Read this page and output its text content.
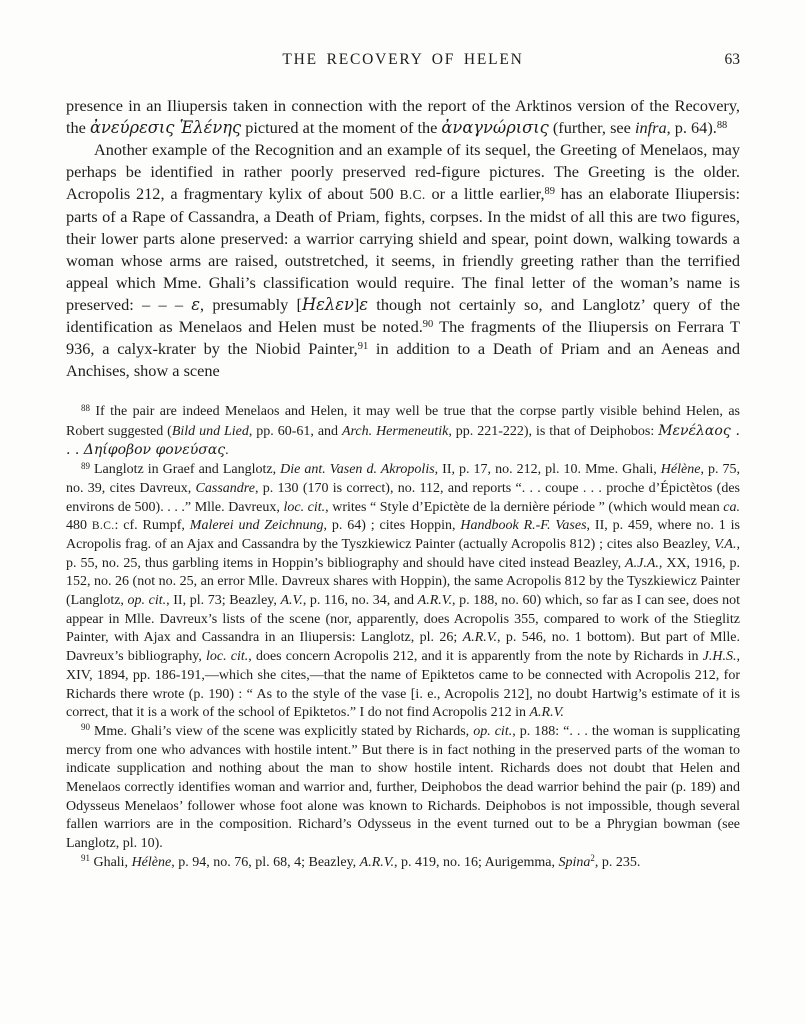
THE RECOVERY OF HELEN	63

presence in an Iliupersis taken in connection with the report of the Arktinos version of the Recovery, the ἀνεύρεσις Ἑλένης pictured at the moment of the ἀναγνώρισις (further, see infra, p. 64).$^{88}$

Another example of the Recognition and an example of its sequel, the Greeting of Menelaos, may perhaps be identified in rather poorly preserved red-figure pictures. The Greeting is the older. Acropolis 212, a fragmentary kylix of about 500 B.C. or a little earlier,$^{89}$ has an elaborate Iliupersis: parts of a Rape of Cassandra, a Death of Priam, fights, corpses. In the midst of all this are two figures, their lower parts alone preserved: a warrior carrying shield and spear, point down, walking towards a woman whose arms are raised, outstretched, it seems, in friendly greeting rather than the terrified appeal which Mme. Ghali’s classification would require. The final letter of the woman’s name is preserved: – – – ε, presumably [Ηελεν]ε though not certainly so, and Langlotz’ query of the identification as Menelaos and Helen must be noted.$^{90}$ The fragments of the Iliupersis on Ferrara T 936, a calyx-krater by the Niobid Painter,$^{91}$ in addition to a Death of Priam and an Aeneas and Anchises, show a scene

$^{88}$ If the pair are indeed Menelaos and Helen, it may well be true that the corpse partly visible behind Helen, as Robert suggested (Bild und Lied, pp. 60-61, and Arch. Hermeneutik, pp. 221-222), is that of Deiphobos: Μενέλαος . . . Δηίφοβον φονεύσας.

$^{89}$ Langlotz in Graef and Langlotz, Die ant. Vasen d. Akropolis, II, p. 17, no. 212, pl. 10. Mme. Ghali, Hélène, p. 75, no. 39, cites Davreux, Cassandre, p. 130 (170 is correct), no. 112, and reports “. . . coupe . . . proche d’Épictètos (des environs de 500). . . .” Mlle. Davreux, loc. cit., writes “ Style d’Epictète de la dernière période ” (which would mean ca. 480 B.C.: cf. Rumpf, Malerei und Zeichnung, p. 64) ; cites Hoppin, Handbook R.-F. Vases, II, p. 459, where no. 1 is Acropolis frag. of an Ajax and Cassandra by the Tyszkiewicz Painter (actually Acropolis 812) ; cites also Beazley, V.A., p. 55, no. 25, thus garbling items in Hoppin’s bibliography and should have cited instead Beazley, A.J.A., XX, 1916, p. 152, no. 26 (not no. 25, an error Mlle. Davreux shares with Hoppin), the same Acropolis 812 by the Tyszkiewicz Painter (Langlotz, op. cit., II, pl. 73; Beazley, A.V., p. 116, no. 34, and A.R.V., p. 188, no. 60) which, so far as I can see, does not appear in Mlle. Davreux’s lists of the scene (nor, apparently, does Acropolis 355, compared to work of the Stieglitz Painter, with Ajax and Cassandra in an Iliupersis: Langlotz, pl. 26; A.R.V., p. 546, no. 1 bottom). But part of Mlle. Davreux’s bibliography, loc. cit., does concern Acropolis 212, and it is apparently from the note by Richards in J.H.S., XIV, 1894, pp. 186-191,—which she cites,—that the name of Epiktetos came to be connected with Acropolis 212, for Richards there wrote (p. 190) : “ As to the style of the vase [i. e., Acropolis 212], no doubt Hartwig’s estimate of it is correct, that it is a work of the school of Epiktetos.” I do not find Acropolis 212 in A.R.V.

$^{90}$ Mme. Ghali’s view of the scene was explicitly stated by Richards, op. cit., p. 188: “. . . the woman is supplicating mercy from one who advances with hostile intent.” But there is in fact nothing in the preserved parts of the woman to indicate supplication and nothing about the man to show hostile intent. Richards does not doubt that Helen and Menelaos correctly identifies woman and warrior and, further, Deiphobos the dead warrior behind the pair (p. 189) and Odysseus Menelaos’ follower whose foot alone was known to Richards. Deiphobos is not impossible, though several fallen warriors are in the composition. Richard’s Odysseus in the event turned out to be a Phrygian bowman (see Langlotz, pl. 10).

$^{91}$ Ghali, Hélène, p. 94, no. 76, pl. 68, 4; Beazley, A.R.V., p. 419, no. 16; Aurigemma, Spina$^2$, p. 235.
